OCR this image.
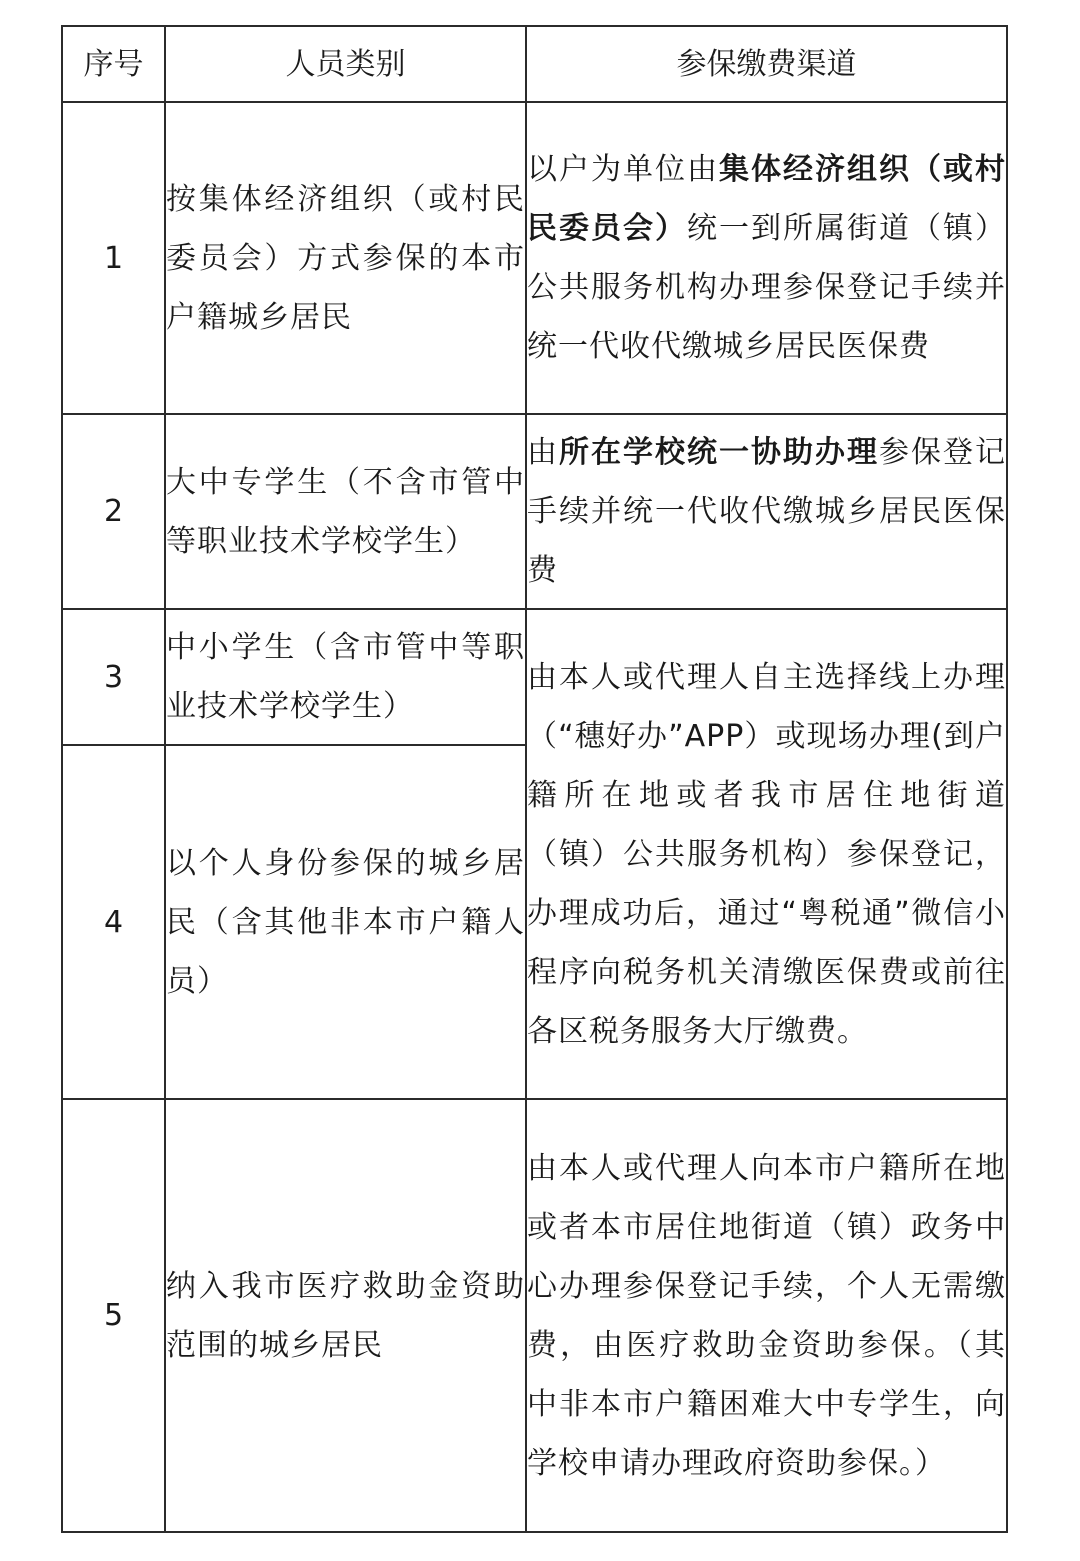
序号	人员类别	参保缴费渠道
1	按集体经济组织（或村民委员会）方式参保的本市户籍城乡居民	以户为单位由集体经济组织（或村民委员会）统一到所属街道（镇）公共服务机构办理参保登记手续并统一代收代缴城乡居民医保费
2	大中专学生（不含市管中等职业技术学校学生）	由所在学校统一协助办理参保登记手续并统一代收代缴城乡居民医保费
3	中小学生（含市管中等职业技术学校学生）	由本人或代理人自主选择线上办理（“穗好办”APP）或现场办理(到户籍所在地或者我市居住地街道（镇）公共服务机构）参保登记，办理成功后，通过“粤税通”微信小程序向税务机关清缴医保费或前往各区税务服务大厅缴费。
4	以个人身份参保的城乡居民（含其他非本市户籍人员）	
5	纳入我市医疗救助金资助范围的城乡居民	由本人或代理人向本市户籍所在地或者本市居住地街道（镇）政务中心办理参保登记手续，个人无需缴费，由医疗救助金资助参保。（其中非本市户籍困难大中专学生，向学校申请办理政府资助参保。）
